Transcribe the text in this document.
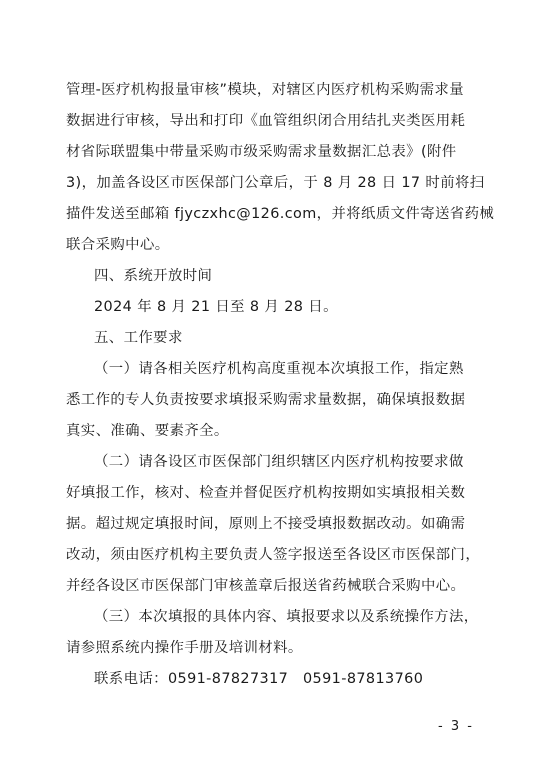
管理-医疗机构报量审核”模块，对辖区内医疗机构采购需求量
数据进行审核，导出和打印《血管组织闭合用结扎夹类医用耗
材省际联盟集中带量采购市级采购需求量数据汇总表》(附件
3)，加盖各设区市医保部门公章后，于 8 月 28 日 17 时前将扫
描件发送至邮箱 fjyczxhc@126.com，并将纸质文件寄送省药械
联合采购中心。
四、系统开放时间
2024 年 8 月 21 日至 8 月 28 日。
五、工作要求
（一）请各相关医疗机构高度重视本次填报工作，指定熟
悉工作的专人负责按要求填报采购需求量数据，确保填报数据
真实、准确、要素齐全。
（二）请各设区市医保部门组织辖区内医疗机构按要求做
好填报工作，核对、检查并督促医疗机构按期如实填报相关数
据。超过规定填报时间，原则上不接受填报数据改动。如确需
改动，须由医疗机构主要负责人签字报送至各设区市医保部门，
并经各设区市医保部门审核盖章后报送省药械联合采购中心。
（三）本次填报的具体内容、填报要求以及系统操作方法，
请参照系统内操作手册及培训材料。
联系电话：0591-87827317　0591-87813760
- 3 -
